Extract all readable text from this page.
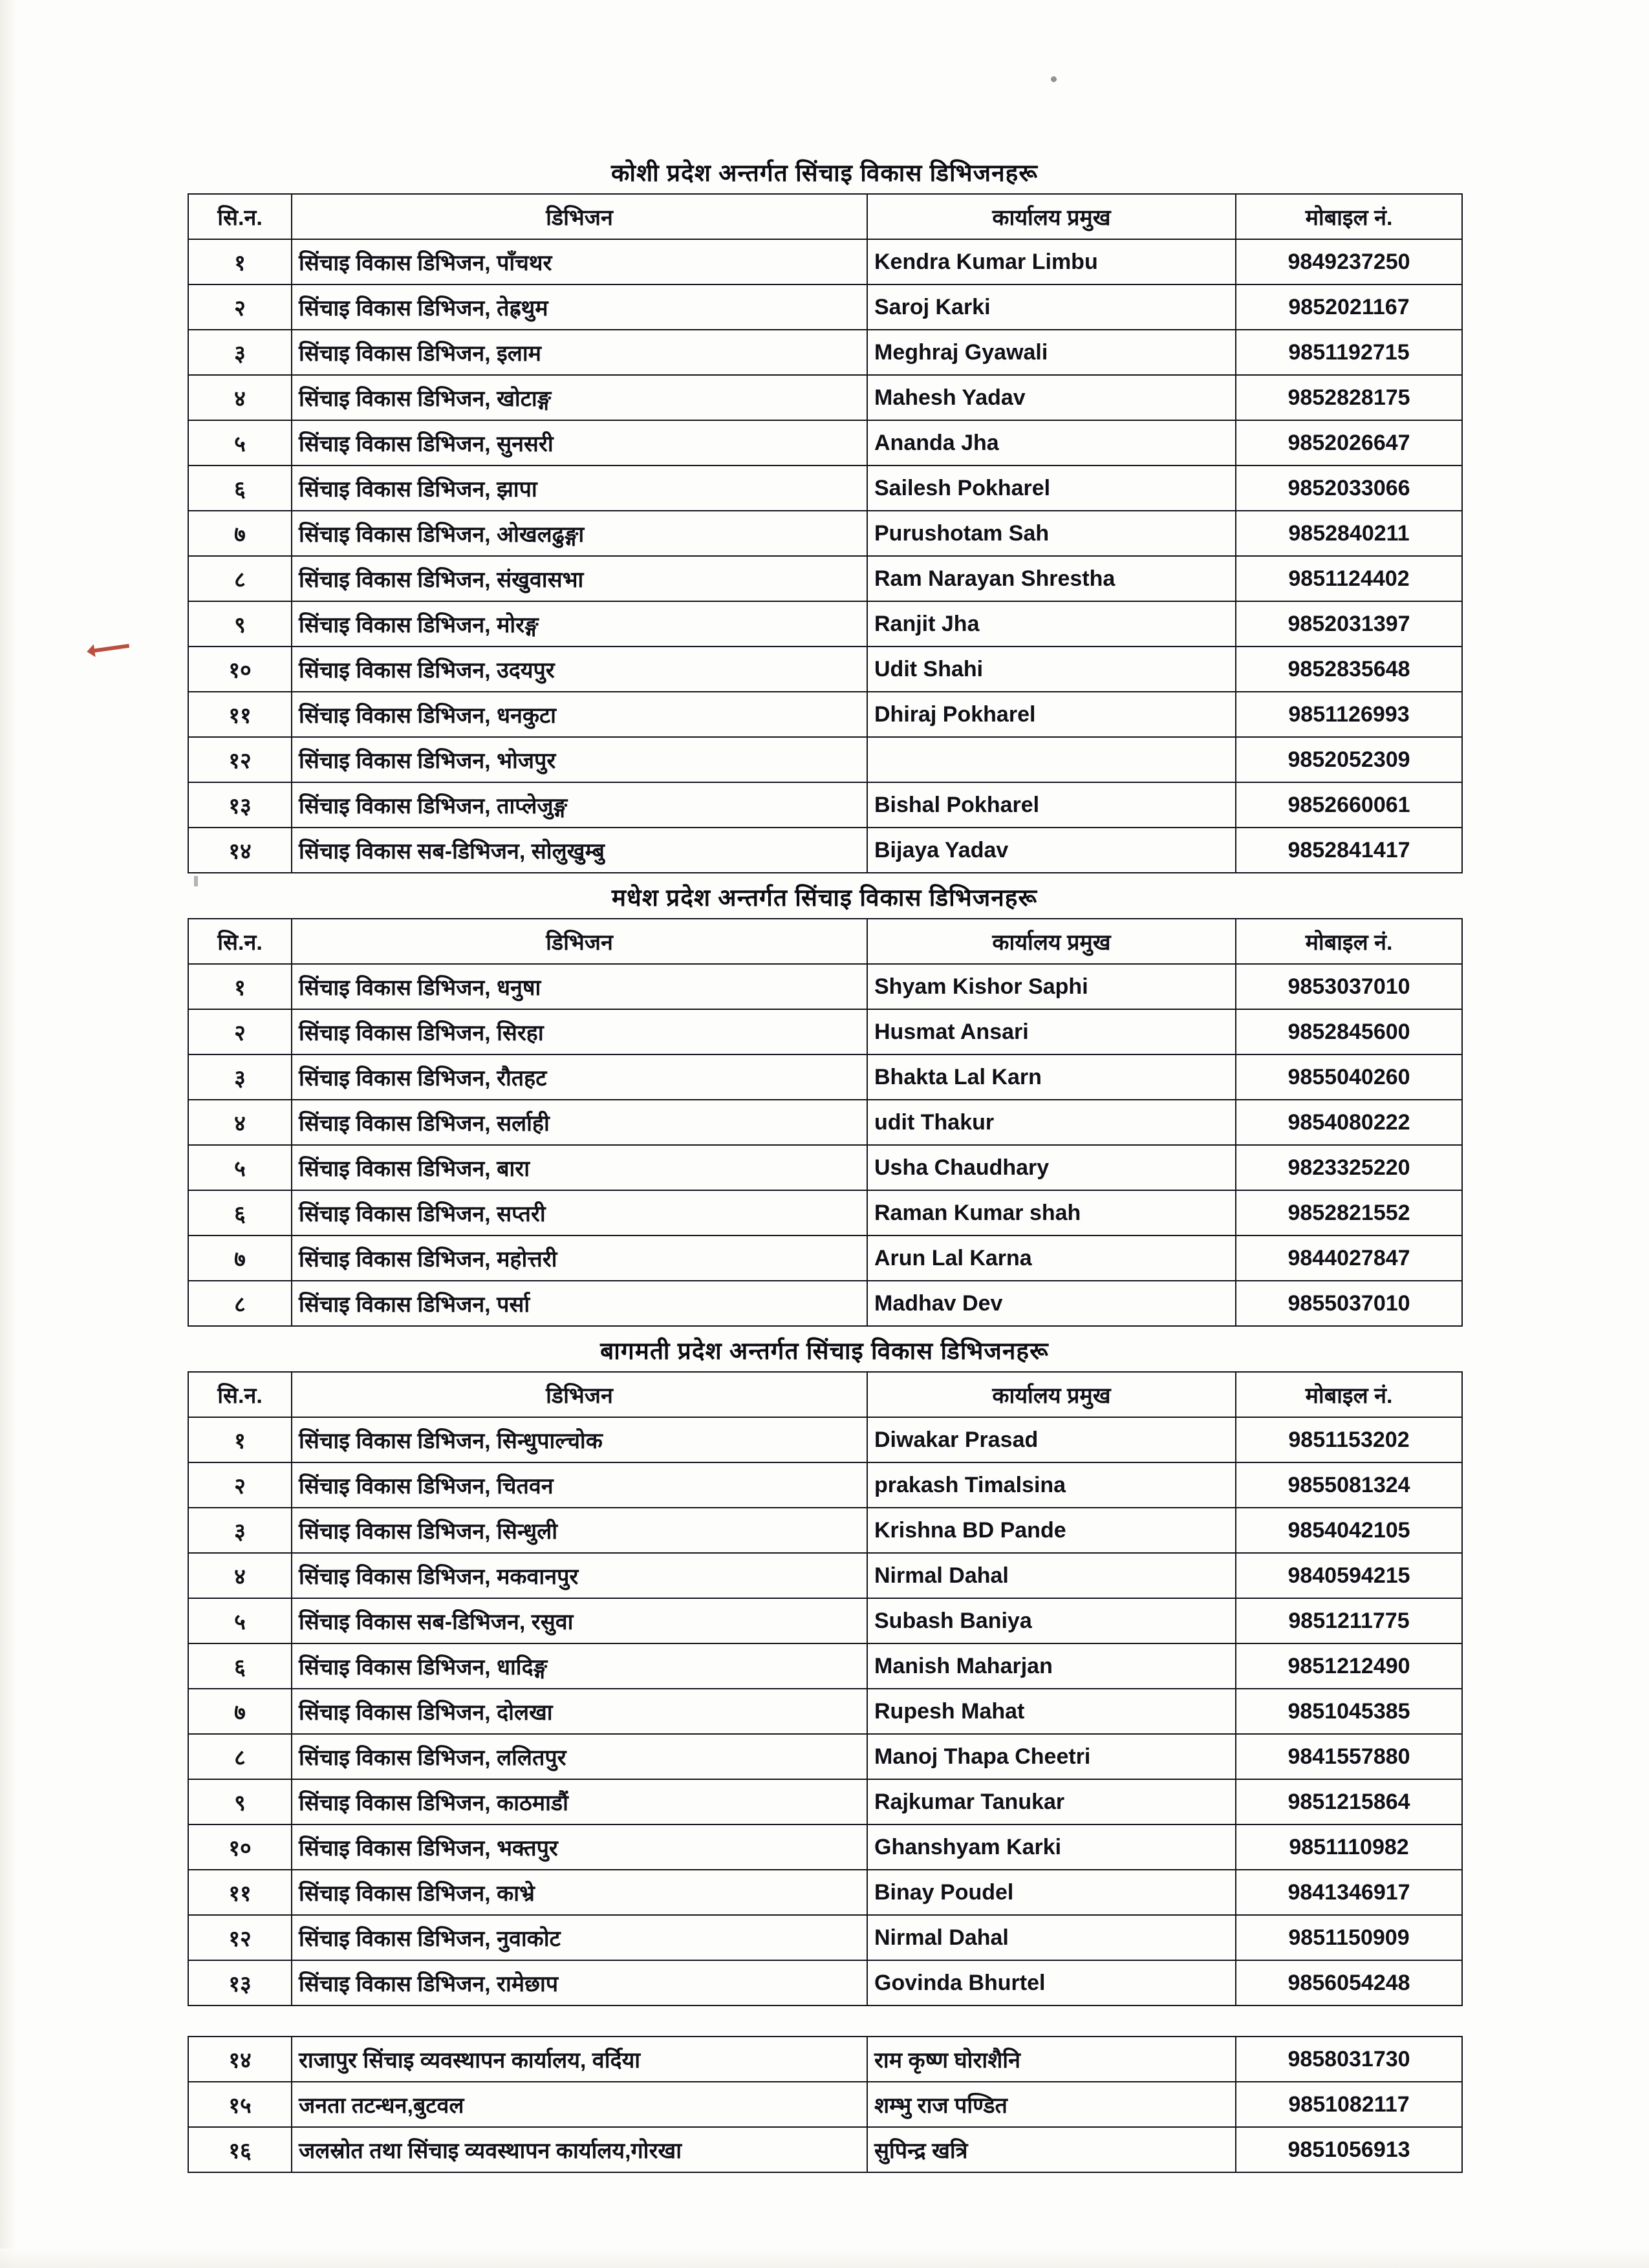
कोशी प्रदेश अन्तर्गत सिंचाइ विकास डिभिजनहरू
सि.न.	डिभिजन	कार्यालय प्रमुख	मोबाइल नं.
१	सिंचाइ विकास डिभिजन, पाँचथर	Kendra Kumar Limbu	9849237250
२	सिंचाइ विकास डिभिजन, तेह्रथुम	Saroj Karki	9852021167
३	सिंचाइ विकास डिभिजन, इलाम	Meghraj Gyawali	9851192715
४	सिंचाइ विकास डिभिजन, खोटाङ्ग	Mahesh Yadav	9852828175
५	सिंचाइ विकास डिभिजन, सुनसरी	Ananda Jha	9852026647
६	सिंचाइ विकास डिभिजन, झापा	Sailesh Pokharel	9852033066
७	सिंचाइ विकास डिभिजन, ओखलढुङ्गा	Purushotam Sah	9852840211
८	सिंचाइ विकास डिभिजन, संखुवासभा	Ram Narayan Shrestha	9851124402
९	सिंचाइ विकास डिभिजन, मोरङ्ग	Ranjit Jha	9852031397
१०	सिंचाइ विकास डिभिजन, उदयपुर	Udit Shahi	9852835648
११	सिंचाइ विकास डिभिजन, धनकुटा	Dhiraj Pokharel	9851126993
१२	सिंचाइ विकास डिभिजन, भोजपुर		9852052309
१३	सिंचाइ विकास डिभिजन, ताप्लेजुङ्ग	Bishal Pokharel	9852660061
१४	सिंचाइ विकास सब-डिभिजन, सोलुखुम्बु	Bijaya Yadav	9852841417
मधेश प्रदेश अन्तर्गत सिंचाइ विकास डिभिजनहरू
सि.न.	डिभिजन	कार्यालय प्रमुख	मोबाइल नं.
१	सिंचाइ विकास डिभिजन, धनुषा	Shyam Kishor Saphi	9853037010
२	सिंचाइ विकास डिभिजन, सिरहा	Husmat Ansari	9852845600
३	सिंचाइ विकास डिभिजन, रौतहट	Bhakta Lal Karn	9855040260
४	सिंचाइ विकास डिभिजन, सर्लाही	udit Thakur	9854080222
५	सिंचाइ विकास डिभिजन, बारा	Usha Chaudhary	9823325220
६	सिंचाइ विकास डिभिजन, सप्तरी	Raman Kumar shah	9852821552
७	सिंचाइ विकास डिभिजन, महोत्तरी	Arun Lal Karna	9844027847
८	सिंचाइ विकास डिभिजन, पर्सा	Madhav Dev	9855037010
बागमती प्रदेश अन्तर्गत सिंचाइ विकास डिभिजनहरू
सि.न.	डिभिजन	कार्यालय प्रमुख	मोबाइल नं.
१	सिंचाइ विकास डिभिजन, सिन्धुपाल्चोक	Diwakar Prasad	9851153202
२	सिंचाइ विकास डिभिजन, चितवन	prakash Timalsina	9855081324
३	सिंचाइ विकास डिभिजन, सिन्धुली	Krishna BD Pande	9854042105
४	सिंचाइ विकास डिभिजन, मकवानपुर	Nirmal Dahal	9840594215
५	सिंचाइ विकास सब-डिभिजन, रसुवा	Subash Baniya	9851211775
६	सिंचाइ विकास डिभिजन, धादिङ्ग	Manish Maharjan	9851212490
७	सिंचाइ विकास डिभिजन, दोलखा	Rupesh Mahat	9851045385
८	सिंचाइ विकास डिभिजन, ललितपुर	Manoj Thapa Cheetri	9841557880
९	सिंचाइ विकास डिभिजन, काठमाडौं	Rajkumar Tanukar	9851215864
१०	सिंचाइ विकास डिभिजन, भक्तपुर	Ghanshyam Karki	9851110982
११	सिंचाइ विकास डिभिजन, काभ्रे	Binay Poudel	9841346917
१२	सिंचाइ विकास डिभिजन, नुवाकोट	Nirmal Dahal	9851150909
१३	सिंचाइ विकास डिभिजन, रामेछाप	Govinda Bhurtel	9856054248
१४	राजापुर सिंचाइ व्यवस्थापन कार्यालय, वर्दिया	राम कृष्ण घोराशैनि	9858031730
१५	जनता तटन्धन,बुटवल	शम्भु राज पण्डित	9851082117
१६	जलस्रोत तथा सिंचाइ व्यवस्थापन कार्यालय,गोरखा	सुपिन्द्र खत्रि	9851056913
